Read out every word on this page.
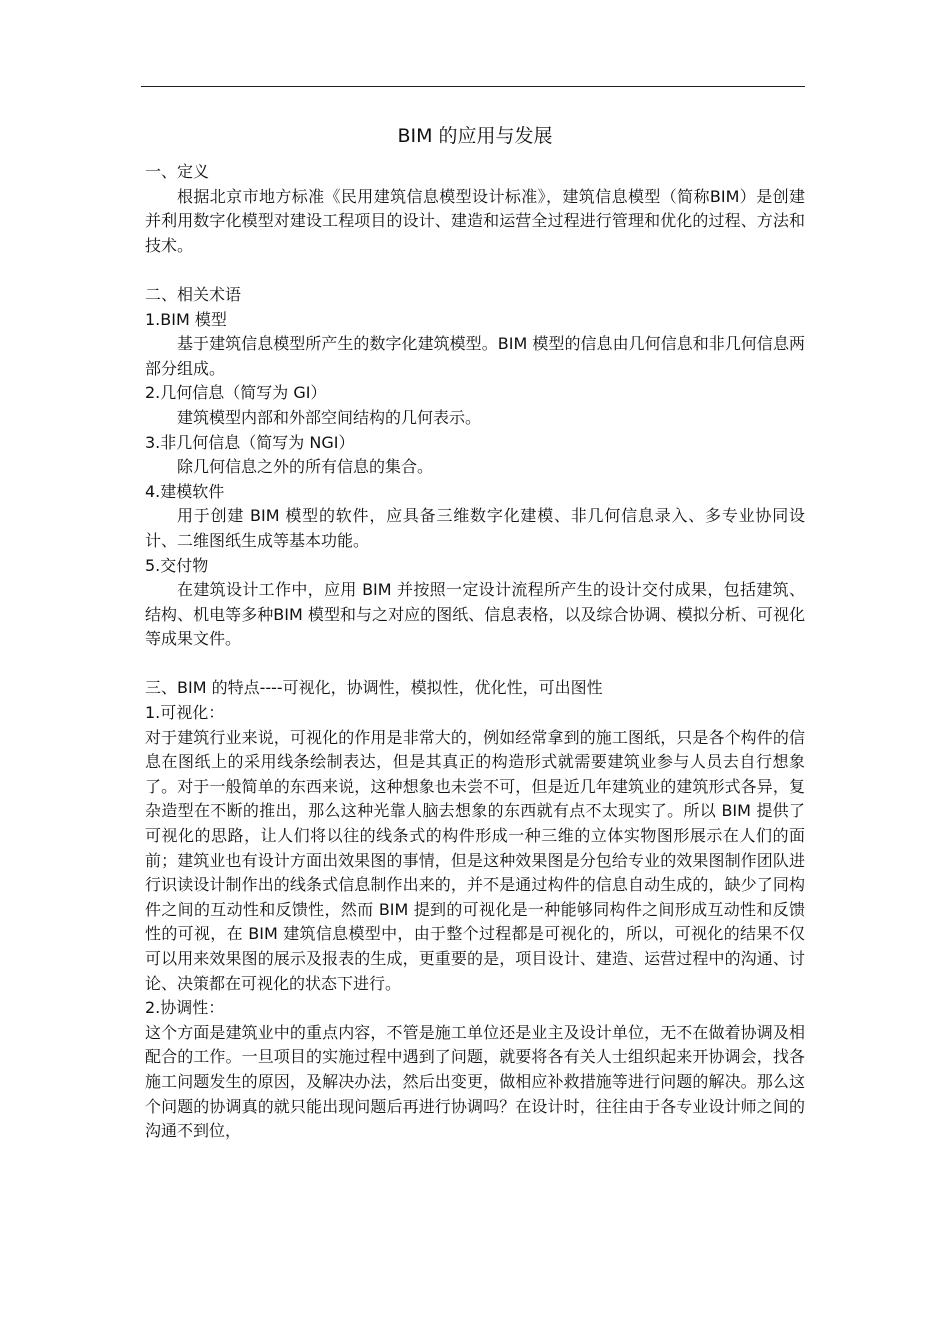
BIM 的应用与发展
一、定义
根据北京市地方标准《民用建筑信息模型设计标准》，建筑信息模型（简称BIM）是创建并利用数字化模型对建设工程项目的设计、建造和运营全过程进行管理和优化的过程、方法和技术。
二、相关术语
1.BIM 模型
基于建筑信息模型所产生的数字化建筑模型。BIM 模型的信息由几何信息和非几何信息两部分组成。
2.几何信息（简写为 GI）
建筑模型内部和外部空间结构的几何表示。
3.非几何信息（简写为 NGI）
除几何信息之外的所有信息的集合。
4.建模软件
用于创建 BIM 模型的软件，应具备三维数字化建模、非几何信息录入、多专业协同设计、二维图纸生成等基本功能。
5.交付物
在建筑设计工作中，应用 BIM 并按照一定设计流程所产生的设计交付成果，包括建筑、结构、机电等多种BIM 模型和与之对应的图纸、信息表格，以及综合协调、模拟分析、可视化等成果文件。
三、BIM 的特点----可视化，协调性，模拟性，优化性，可出图性
1.可视化：
对于建筑行业来说，可视化的作用是非常大的，例如经常拿到的施工图纸，只是各个构件的信息在图纸上的采用线条绘制表达，但是其真正的构造形式就需要建筑业参与人员去自行想象了。对于一般简单的东西来说，这种想象也未尝不可，但是近几年建筑业的建筑形式各异，复杂造型在不断的推出，那么这种光靠人脑去想象的东西就有点不太现实了。所以 BIM 提供了可视化的思路，让人们将以往的线条式的构件形成一种三维的立体实物图形展示在人们的面前；建筑业也有设计方面出效果图的事情，但是这种效果图是分包给专业的效果图制作团队进行识读设计制作出的线条式信息制作出来的，并不是通过构件的信息自动生成的，缺少了同构件之间的互动性和反馈性，然而 BIM 提到的可视化是一种能够同构件之间形成互动性和反馈性的可视，在 BIM 建筑信息模型中，由于整个过程都是可视化的，所以，可视化的结果不仅可以用来效果图的展示及报表的生成，更重要的是，项目设计、建造、运营过程中的沟通、讨论、决策都在可视化的状态下进行。
2.协调性：
这个方面是建筑业中的重点内容，不管是施工单位还是业主及设计单位，无不在做着协调及相配合的工作。一旦项目的实施过程中遇到了问题，就要将各有关人士组织起来开协调会，找各施工问题发生的原因，及解决办法，然后出变更，做相应补救措施等进行问题的解决。那么这个问题的协调真的就只能出现问题后再进行协调吗？在设计时，往往由于各专业设计师之间的沟通不到位，
